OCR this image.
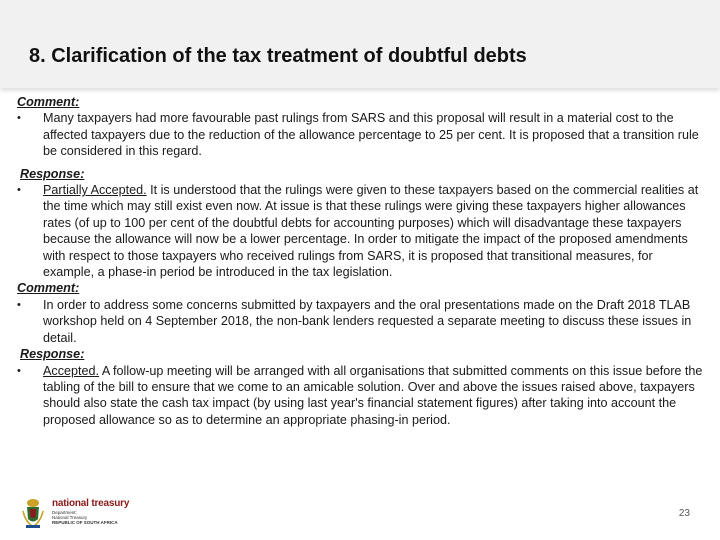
8. Clarification of the tax treatment of doubtful debts

Comment:

•	Many taxpayers had more favourable past rulings from SARS and this proposal will result in a material cost to the affected taxpayers due to the reduction of the allowance percentage to 25 per cent. It is proposed that a transition rule be considered in this regard.

Response:

•	Partially Accepted. It is understood that the rulings were given to these taxpayers based on the commercial realities at the time which may still exist even now. At issue is that these rulings were giving these taxpayers higher allowances rates (of up to 100 per cent of the doubtful debts for accounting purposes) which will disadvantage these taxpayers because the allowance will now be a lower percentage. In order to mitigate the impact of the proposed amendments with respect to those taxpayers who received rulings from SARS, it is proposed that transitional measures, for example, a phase-in period be introduced in the tax legislation.

Comment:

•	In order to address some concerns submitted by taxpayers and the oral presentations made on the Draft 2018 TLAB workshop held on 4 September 2018, the non-bank lenders requested a separate meeting to discuss these issues in detail.

Response:

•	Accepted. A follow-up meeting will be arranged with all organisations that submitted comments on this issue before the tabling of the bill to ensure that we come to an amicable solution. Over and above the issues raised above, taxpayers should also state the cash tax impact (by using last year's financial statement figures) after taking into account the proposed allowance so as to determine an appropriate phasing-in period.

national treasury
Department:
National Treasury
REPUBLIC OF SOUTH AFRICA
23
